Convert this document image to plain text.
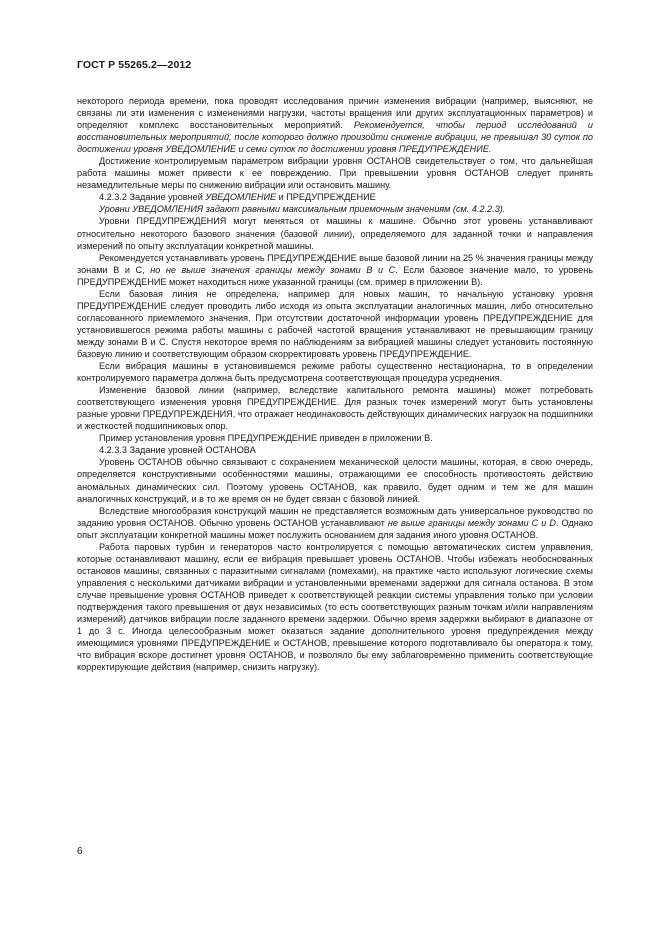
ГОСТ Р 55265.2—2012

некоторого периода времени, пока проводят исследования причин изменения вибрации (например, выясняют, не связаны ли эти изменения с изменениями нагрузки, частоты вращения или других эксплуатационных параметров) и определяют комплекс восстановительных мероприятий. Рекомендуется, чтобы период исследований и восстановительных мероприятий, после которого должно произойти снижение вибрации, не превышал 30 суток по достижении уровня УВЕДОМЛЕНИЕ и семи суток по достижении уровня ПРЕДУПРЕЖДЕНИЕ.

Достижение контролируемым параметром вибрации уровня ОСТАНОВ свидетельствует о том, что дальнейшая работа машины может привести к ее повреждению. При превышении уровня ОСТАНОВ следует принять незамедлительные меры по снижению вибрации или остановить машину.

4.2.3.2 Задание уровней УВЕДОМЛЕНИЕ и ПРЕДУПРЕЖДЕНИЕ

Уровни УВЕДОМЛЕНИЯ задают равными максимальным приемочным значениям (см. 4.2.2.3).

Уровни ПРЕДУПРЕЖДЕНИЯ могут меняться от машины к машине. Обычно этот уровень устанавливают относительно некоторого базового значения (базовой линии), определяемого для заданной точки и направления измерений по опыту эксплуатации конкретной машины.

Рекомендуется устанавливать уровень ПРЕДУПРЕЖДЕНИЕ выше базовой линии на 25 % значения границы между зонами В и С, но не выше значения границы между зонами В и С. Если базовое значение мало, то уровень ПРЕДУПРЕЖДЕНИЕ может находиться ниже указанной границы (см. пример в приложении В).

Если базовая линия не определена, например для новых машин, то начальную установку уровня ПРЕДУПРЕЖДЕНИЕ следует проводить либо исходя из опыта эксплуатации аналогичных машин, либо относительно согласованного приемлемого значения. При отсутствии достаточной информации уровень ПРЕДУПРЕЖДЕНИЕ для установившегося режима работы машины с рабочей частотой вращения устанавливают не превышающим границу между зонами В и С. Спустя некоторое время по наблюдениям за вибрацией машины следует установить постоянную базовую линию и соответствующим образом скорректировать уровень ПРЕДУПРЕЖДЕНИЕ.

Если вибрация машины в установившемся режиме работы существенно нестационарна, то в определении контролируемого параметра должна быть предусмотрена соответствующая процедура усреднения.

Изменение базовой линии (например, вследствие капитального ремонта машины) может потребовать соответствующего изменения уровня ПРЕДУПРЕЖДЕНИЕ. Для разных точек измерений могут быть установлены разные уровни ПРЕДУПРЕЖДЕНИЯ, что отражает неодинаковость действующих динамических нагрузок на подшипники и жесткостей подшипниковых опор.

Пример установления уровня ПРЕДУПРЕЖДЕНИЕ приведен в приложении В.

4.2.3.3 Задание уровней ОСТАНОВА

Уровень ОСТАНОВ обычно связывают с сохранением механической целости машины, которая, в свою очередь, определяется конструктивными особенностями машины, отражающими ее способность противостоять действию аномальных динамических сил. Поэтому уровень ОСТАНОВ, как правило, будет одним и тем же для машин аналогичных конструкций, и в то же время он не будет связан с базовой линией.

Вследствие многообразия конструкций машин не представляется возможным дать универсальное руководство по заданию уровня ОСТАНОВ. Обычно уровень ОСТАНОВ устанавливают не выше границы между зонами С и D. Однако опыт эксплуатации конкретной машины может послужить основанием для задания иного уровня ОСТАНОВ.

Работа паровых турбин и генераторов часто контролируется с помощью автоматических систем управления, которые останавливают машину, если ее вибрация превышает уровень ОСТАНОВ. Чтобы избежать необоснованных остановов машины, связанных с паразитными сигналами (помехами), на практике часто используют логические схемы управления с несколькими датчиками вибрации и установленными временами задержки для сигнала останова. В этом случае превышение уровня ОСТАНОВ приведет к соответствующей реакции системы управления только при условии подтверждения такого превышения от двух независимых (то есть соответствующих разным точкам и/или направлениям измерений) датчиков вибрации после заданного времени задержки. Обычно время задержки выбирают в диапазоне от 1 до 3 с. Иногда целесообразным может оказаться задание дополнительного уровня предупреждения между имеющимися уровнями ПРЕДУПРЕЖДЕНИЕ и ОСТАНОВ, превышение которого подготавливало бы оператора к тому, что вибрация вскоре достигнет уровня ОСТАНОВ, и позволяло бы ему заблаговременно применить соответствующие корректирующие действия (например, снизить нагрузку).

6
